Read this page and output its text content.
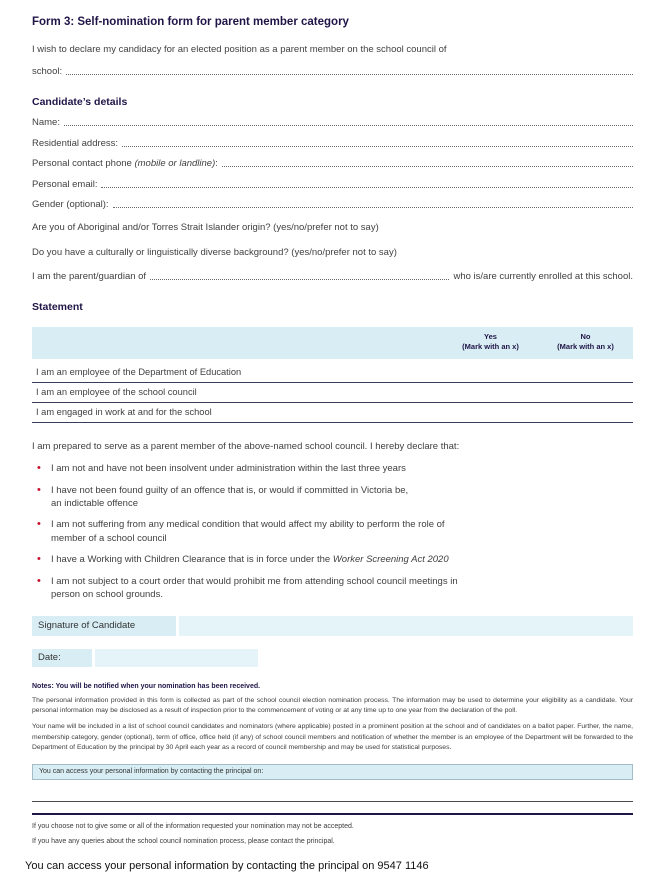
Form 3: Self-nomination form for parent member category

I wish to declare my candidacy for an elected position as a parent member on the school council of

school:
Candidate’s details
Name:
Residential address:
Personal contact phone (mobile or landline):
Personal email:
Gender (optional):

Are you of Aboriginal and/or Torres Strait Islander origin? (yes/no/prefer not to say)

Do you have a culturally or linguistically diverse background? (yes/no/prefer not to say)

I am the parent/guardian of	who is/are currently enrolled at this school.
Statement
Yes
(Mark with an x)
No
(Mark with an x)
I am an employee of the Department of Education
I am an employee of the school council
I am engaged in work at and for the school

I am prepared to serve as a parent member of the above-named school council. I hereby declare that:

• I am not and have not been insolvent under administration within the last three years
• I have not been found guilty of an offence that is, or would if committed in Victoria be,
an indictable offence
• I am not suffering from any medical condition that would affect my ability to perform the role of
member of a school council
• I have a Working with Children Clearance that is in force under the Worker Screening Act 2020
• I am not subject to a court order that would prohibit me from attending school council meetings in
person on school grounds.
Signature of Candidate
Date:
Notes: You will be notified when your nomination has been received.

The personal information provided in this form is collected as part of the school council election nomination process. The information may be used to determine your eligibility as a candidate. Your personal information may be disclosed as a result of inspection prior to the commencement of voting or at any time up to one year from the declaration of the poll.

Your name will be included in a list of school council candidates and nominators (where applicable) posted in a prominent position at the school and of candidates on a ballot paper. Further, the name, membership category, gender (optional), term of office, office held (if any) of school council members and notification of whether the member is an employee of the Department will be forwarded to the Department of Education by the principal by 30 April each year as a record of council membership and may be used for statistical purposes.

You can access your personal information by contacting the principal on:

If you choose not to give some or all of the information requested your nomination may not be accepted.

If you have any queries about the school council nomination process, please contact the principal.

You can access your personal information by contacting the principal on 9547 1146
